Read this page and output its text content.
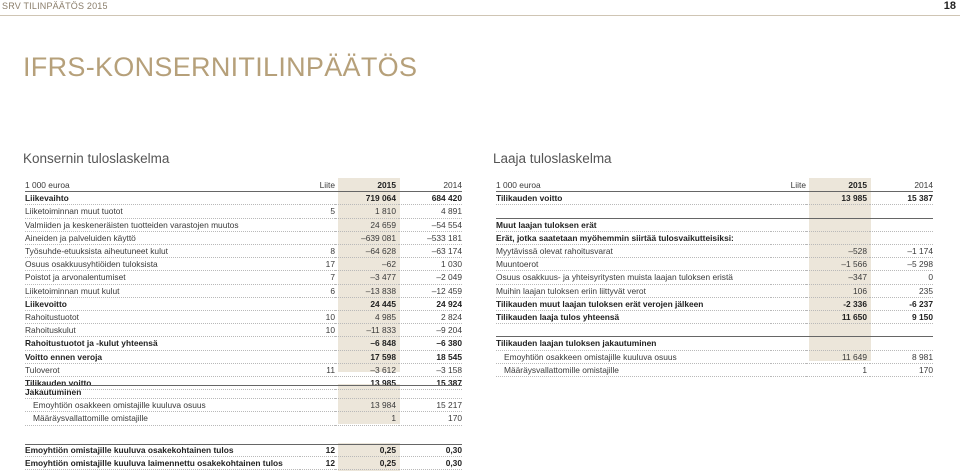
SRV TILINPÄÄTÖS 2015	18
IFRS-KONSERNITILINPÄÄTÖS
Konsernin tuloslaskelma	Laaja tuloslaskelma
1 000 euroa	Liite	2015	2014
Liikevaihto		719 064	684 420
Liiketoiminnan muut tuotot	5	1 810	4 891
Valmiiden ja keskeneräisten tuotteiden varastojen muutos		24 659	–54 554
Aineiden ja palveluiden käyttö		–639 081	–533 181
Työsuhde-etuuksista aiheutuneet kulut	8	–64 628	–63 174
Osuus osakkuusyhtiöiden tuloksista	17	–62	1 030
Poistot ja arvonalentumiset	7	–3 477	–2 049
Liiketoiminnan muut kulut	6	–13 838	–12 459
Liikevoitto		24 445	24 924
Rahoitustuotot	10	4 985	2 824
Rahoituskulut	10	–11 833	–9 204
Rahoitustuotot ja -kulut yhteensä		–6 848	–6 380
Voitto ennen veroja		17 598	18 545
Tuloverot	11	–3 612	–3 158
Tilikauden voitto		13 985	15 387
Jakautuminen			
Emoyhtiön osakkeen omistajille kuuluva osuus		13 984	15 217
Määräysvallattomille omistajille		1	170
Emoyhtiön omistajille kuuluva osakekohtainen tulos	12	0,25	0,30
Emoyhtiön omistajille kuuluva laimennettu osakekohtainen tulos	12	0,25	0,30
1 000 euroa	Liite	2015	2014
Tilikauden voitto		13 985	15 387

Muut laajan tuloksen erät			
Erät, jotka saatetaan myöhemmin siirtää tulosvaikutteisiksi:			
Myytävissä olevat rahoitusvarat		–528	–1 174
Muuntoerot		–1 566	–5 298
Osuus osakkuus- ja yhteisyritysten muista laajan tuloksen eristä		–347	0
Muihin laajan tuloksen eriin liittyvät verot		106	235
Tilikauden muut laajan tuloksen erät verojen jälkeen		-2 336	-6 237
Tilikauden laaja tulos yhteensä		11 650	9 150

Tilikauden laajan tuloksen jakautuminen			
Emoyhtiön osakkeen omistajille kuuluva osuus		11 649	8 981
Määräysvallattomille omistajille		1	170
